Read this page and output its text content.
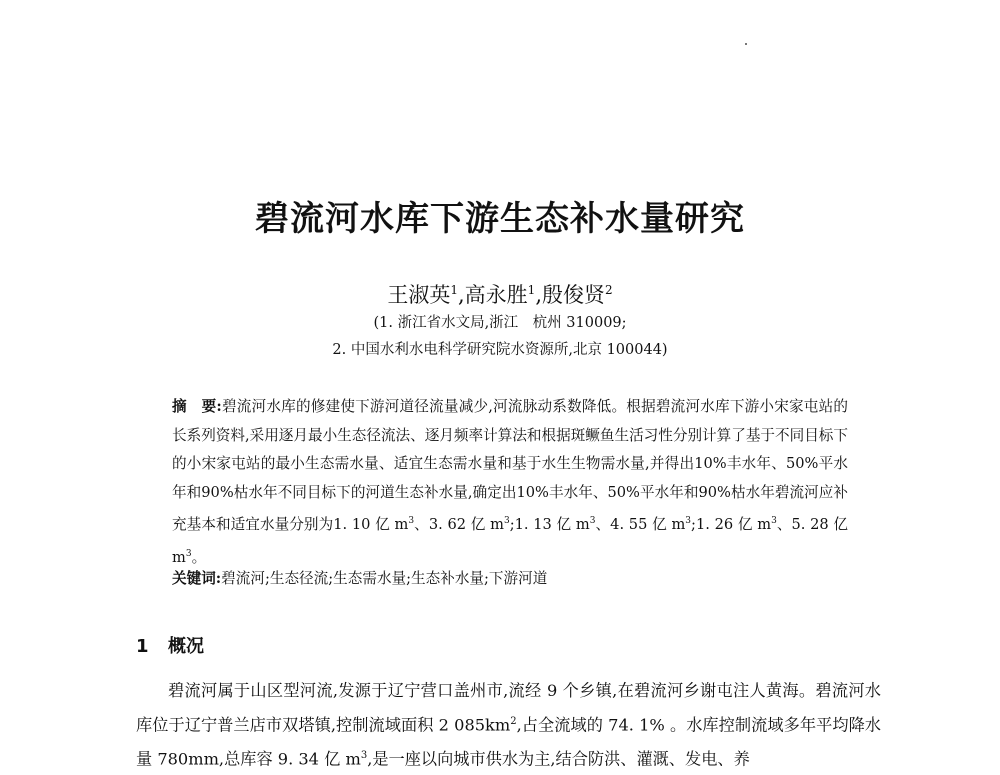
碧流河水库下游生态补水量研究
王淑英$^1$,高永胜$^1$,殷俊贤$^2$
(1. 浙江省水文局,浙江　杭州 310009;
2. 中国水利水电科学研究院水资源所,北京 100044)
摘　要:碧流河水库的修建使下游河道径流量减少,河流脉动系数降低。根据碧流河水库下游小宋家屯站的长系列资料,采用逐月最小生态径流法、逐月频率计算法和根据斑鳜鱼生活习性分别计算了基于不同目标下的小宋家屯站的最小生态需水量、适宜生态需水量和基于水生生物需水量,并得出10%丰水年、50%平水年和90%枯水年不同目标下的河道生态补水量,确定出10%丰水年、50%平水年和90%枯水年碧流河应补充基本和适宜水量分别为1. 10 亿 $m^3$、3. 62 亿 $m^3;1$. 13 亿 $m^3$、4. 55 亿 $m^3;1$. 26 亿 $m^3$、5. 28 亿 $m^3$。
关键词:碧流河;生态径流;生态需水量;生态补水量;下游河道
1 概况
碧流河属于山区型河流,发源于辽宁营口盖州市,流经 9 个乡镇,在碧流河乡谢屯注人黄海。碧流河水库位于辽宁普兰店市双塔镇,控制流域面积 2 $085km^2$,占全流域的 74. 1% 。水库控制流域多年平均降水量 780mm,总库容 9. 34 亿 $m^3$,是一座以向城市供水为主,结合防洪、灌溉、发电、养
